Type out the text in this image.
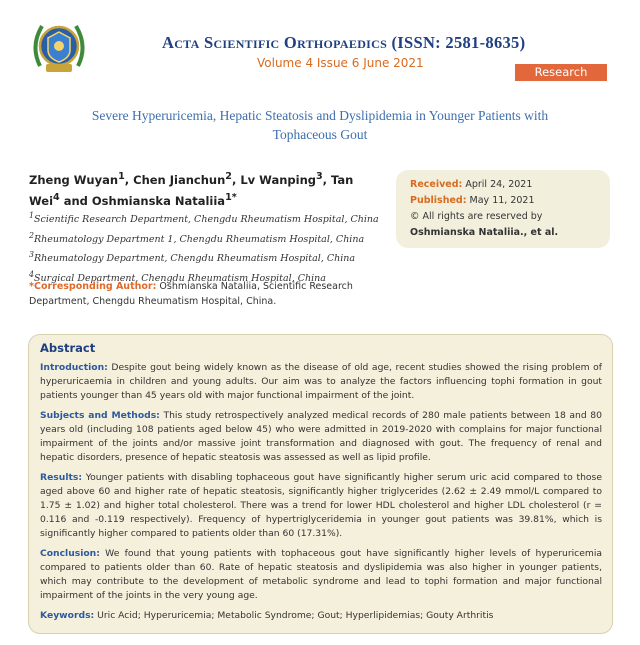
Acta Scientific Orthopaedics (ISSN: 2581-8635)
Volume 4 Issue 6 June 2021
Research Article
Severe Hyperuricemia, Hepatic Steatosis and Dyslipidemia in Younger Patients with Tophaceous Gout
Zheng Wuyan$^1$, Chen Jianchun$^2$, Lv Wanping$^3$, Tan Wei$^4$ and Oshmianska Nataliia$^{1*}$
$^1$Scientific Research Department, Chengdu Rheumatism Hospital, China
$^2$Rheumatology Department 1, Chengdu Rheumatism Hospital, China
$^3$Rheumatology Department, Chengdu Rheumatism Hospital, China
$^4$Surgical Department, Chengdu Rheumatism Hospital, China
*Corresponding Author: Oshmianska Nataliia, Scientific Research Department, Chengdu Rheumatism Hospital, China.
Received: April 24, 2021
Published: May 11, 2021
© All rights are reserved by Oshmianska Nataliia., et al.
Abstract

Introduction: Despite gout being widely known as the disease of old age, recent studies showed the rising problem of hyperuricaemia in children and young adults. Our aim was to analyze the factors influencing tophi formation in gout patients younger than 45 years old with major functional impairment of the joint.

Subjects and Methods: This study retrospectively analyzed medical records of 280 male patients between 18 and 80 years old (including 108 patients aged below 45) who were admitted in 2019-2020 with complains for major functional impairment of the joints and/or massive joint transformation and diagnosed with gout. The frequency of renal and hepatic disorders, presence of hepatic steatosis was assessed as well as lipid profile.

Results: Younger patients with disabling tophaceous gout have significantly higher serum uric acid compared to those aged above 60 and higher rate of hepatic steatosis, significantly higher triglycerides (2.62 ± 2.49 mmol/L compared to 1.75 ± 1.02) and higher total cholesterol. There was a trend for lower HDL cholesterol and higher LDL cholesterol (r = 0.116 and -0.119 respectively). Frequency of hypertriglyceridemia in younger gout patients was 39.81%, which is significantly higher compared to patients older than 60 (17.31%).

Conclusion: We found that young patients with tophaceous gout have significantly higher levels of hyperuricemia compared to patients older than 60. Rate of hepatic steatosis and dyslipidemia was also higher in younger patients, which may contribute to the development of metabolic syndrome and lead to tophi formation and major functional impairment of the joints in the very young age.

Keywords: Uric Acid; Hyperuricemia; Metabolic Syndrome; Gout; Hyperlipidemias; Gouty Arthritis
